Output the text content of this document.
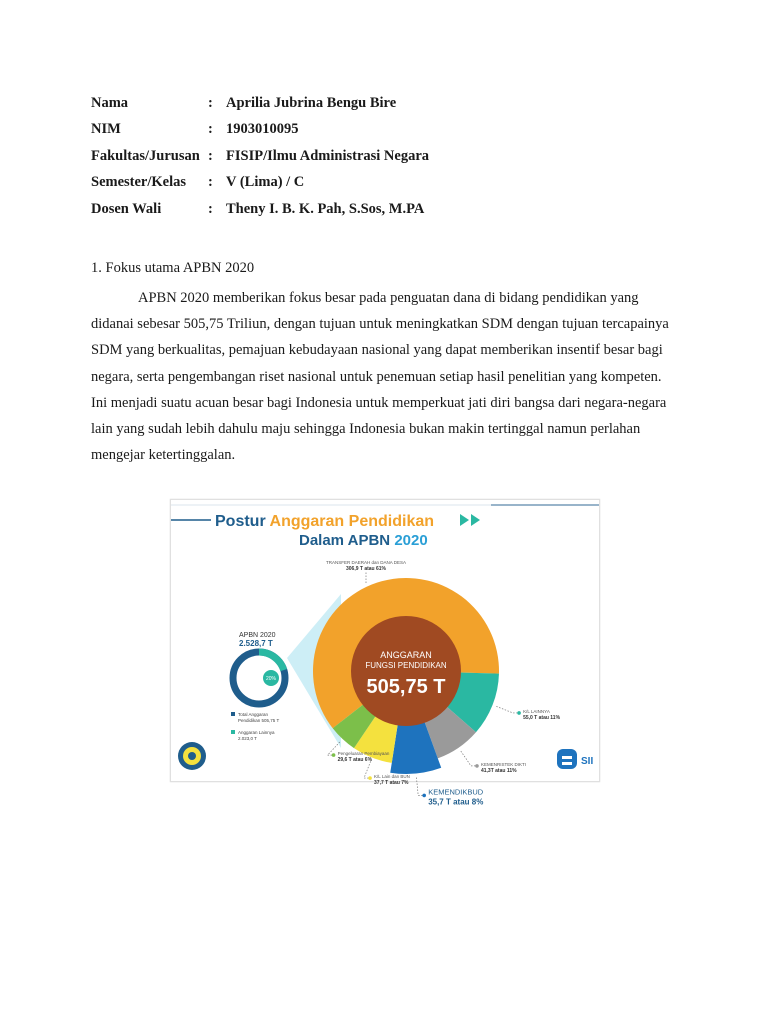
Nama	: Aprilia Jubrina Bengu Bire
NIM	: 1903010095
Fakultas/Jurusan : FISIP/Ilmu Administrasi Negara
Semester/Kelas : V (Lima) / C
Dosen Wali	: Theny I. B. K. Pah, S.Sos, M.PA
1. Fokus utama APBN 2020

APBN 2020 memberikan fokus besar pada penguatan dana di bidang pendidikan yang didanai sebesar 505,75 Triliun, dengan tujuan untuk meningkatkan SDM dengan tujuan tercapainya SDM yang berkualitas, pemajuan kebudayaan nasional yang dapat memberikan insentif besar bagi negara, serta pengembangan riset nasional untuk penemuan setiap hasil penelitian yang kompeten. Ini menjadi suatu acuan besar bagi Indonesia untuk memperkuat jati diri bangsa dari negara-negara lain yang sudah lebih dahulu maju sehingga Indonesia bukan makin tertinggal namun perlahan mengejar ketertinggalan.

Postur Anggaran Pendidikan
Dalam APBN 2020
APBN 2020
2.528,7 T
20%
Total Anggaran
Pendidikan 505,75 T
Anggaran Lainnya
2.023,0 T
K/L LAINNYA
55,0 T atau 11%
KEMENRISTEK DIKTI
41,3T atau 11%
KEMENDIKBUD
35,7 T atau 8%
K/L Lain dan BUN
37,7 T atau 7%
Pengeluaran Pembiayaan
29,6 T atau 6%
TRANSFER DAERAH dan DANA DESA
306,9 T atau 61%
ANGGARAN
FUNGSI PENDIDIKAN
505,75 T
SII
